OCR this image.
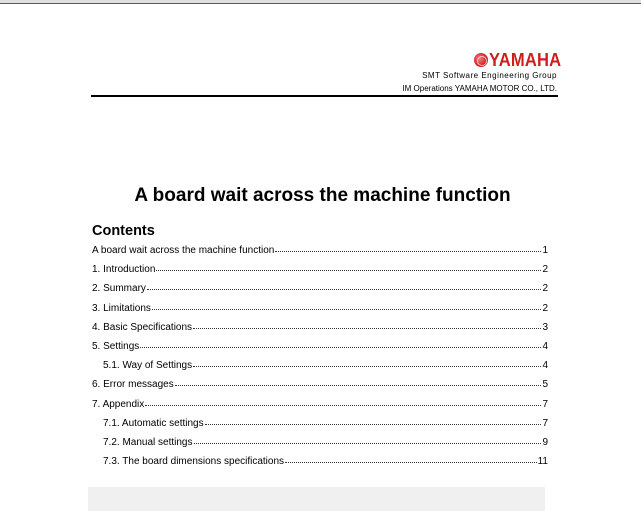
YAMAHA
SMT Software Engineering Group
IM Operations YAMAHA MOTOR CO., LTD.
A board wait across the machine function
Contents
A board wait across the machine function	1
1. Introduction	2
2. Summary	2
3. Limitations	2
4. Basic Specifications	3
5. Settings	4
5.1. Way of Settings	4
6. Error messages	5
7. Appendix	7
7.1. Automatic settings	7
7.2. Manual settings	9
7.3. The board dimensions specifications	11
